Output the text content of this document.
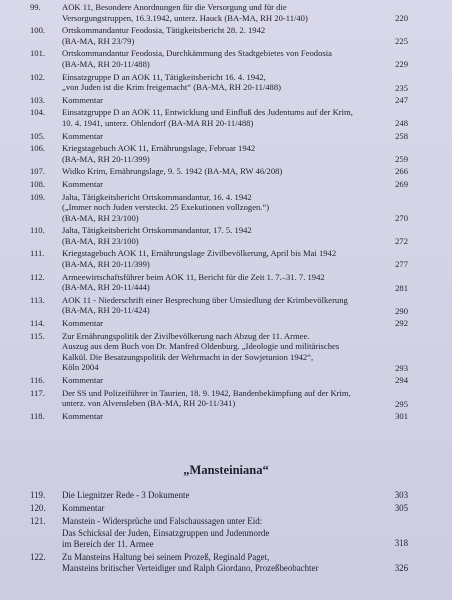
99. AOK 11, Besondere Anordnungen für die Versorgung und für die
Versorgungstruppen, 16.3.1942, unterz. Hauck (BA-MA, RH 20-11/40)	220
100. Ortskommandantur Feodosia, Tätigkeitsbericht 28. 2. 1942
(BA-MA, RH 23/79)	225
101. Ortskommandantur Feodosia, Durchkämmung des Stadtgebietes von Feodosia
(BA-MA, RH 20-11/488)	229
102. Einsatzgruppe D an AOK 11, Tätigkeitsbericht 16. 4. 1942,
„von Juden ist die Krim freigemacht“ (BA-MA, RH 20-11/488)	235
103. Kommentar	247
104. Einsatzgruppe D an AOK 11, Entwicklung und Einfluß des Judentums auf der Krim,
10. 4. 1941, unterz. Ohlendorf (BA-MA RH 20-11/488)	248
105. Kommentar	258
106. Kriegstagebuch AOK 11, Ernährungslage, Februar 1942
(BA-MA, RH 20-11/399)	259
107. Widko Krim, Ernährungslage, 9. 5. 1942 (BA-MA, RW 46/208)	266
108. Kommentar	269
109. Jalta, Tätigkeitsbericht Ortskommandantur, 16. 4. 1942
(„Immer noch Juden versteckt. 25 Exekutionen vollzogen.“)
(BA-MA, RH 23/100)	270
110. Jalta, Tätigkeitsbericht Ortskommandantur, 17. 5. 1942
(BA-MA, RH 23/100)	272
111. Kriegstagebuch AOK 11, Ernährungslage Zivilbevölkerung, April bis Mai 1942
(BA-MA, RH 20-11/399)	277
112. Armeewirtschaftsführer beim AOK 11, Bericht für die Zeit 1. 7.–31. 7. 1942
(BA-MA, RH 20-11/444)	281
113. AOK 11 - Niederschrift einer Besprechung über Umsiedlung der Krimbevölkerung
(BA-MA, RH 20-11/424)	290
114. Kommentar	292
115. Zur Ernährungspolitik der Zivilbevölkerung nach Abzug der 11. Armee.
Auszug aus dem Buch von Dr. Manfred Oldenburg. „Ideologie und militärisches
Kalkül. Die Besatzungspolitik der Wehrmacht in der Sowjetunion 1942“,
Köln 2004	293
116. Kommentar	294
117. Der SS und Polizeiführer in Taurien, 18. 9. 1942, Bandenbekämpfung auf der Krim,
unterz. von Alvensleben (BA-MA, RH 20-11/341)	295
118. Kommentar	301
„Mansteiniana“
119. Die Liegnitzer Rede - 3 Dokumente	303
120. Kommentar	305
121. Manstein - Widersprüche und Falschaussagen unter Eid:
Das Schicksal der Juden, Einsatzgruppen und Judenmorde
im Bereich der 11. Armee	318
122. Zu Mansteins Haltung bei seinem Prozeß, Reginald Paget,
Mansteins britischer Verteidiger und Ralph Giordano, Prozeßbeobachter	326
